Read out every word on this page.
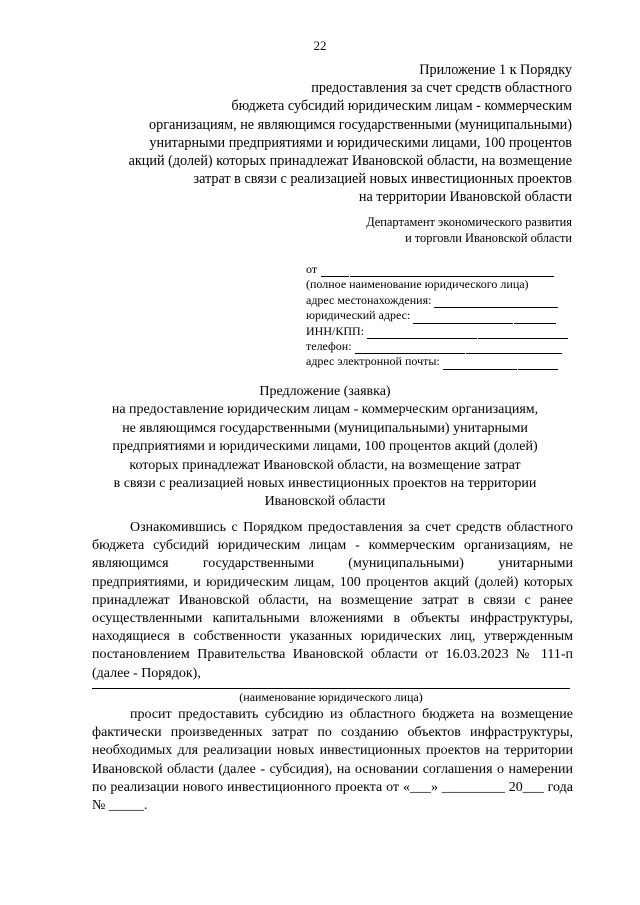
22
Приложение 1 к Порядку
предоставления за счет средств областного
бюджета субсидий юридическим лицам - коммерческим
организациям, не являющимся государственными (муниципальными)
унитарными предприятиями и юридическими лицами, 100 процентов
акций (долей) которых принадлежат Ивановской области, на возмещение
затрат в связи с реализацией новых инвестиционных проектов
на территории Ивановской области
Департамент экономического развития
и торговли Ивановской области
от
(полное наименование юридического лица)
адрес местонахождения:
юридический адрес:
ИНН/КПП:
телефон:
адрес электронной почты:
Предложение (заявка)
на предоставление юридическим лицам - коммерческим организациям,
не являющимся государственными (муниципальными) унитарными
предприятиями и юридическими лицами, 100 процентов акций (долей)
которых принадлежат Ивановской области, на возмещение затрат
в связи с реализацией новых инвестиционных проектов на территории
Ивановской области
Ознакомившись с Порядком предоставления за счет средств областного бюджета субсидий юридическим лицам - коммерческим организациям, не являющимся государственными (муниципальными) унитарными предприятиями, и юридическим лицам, 100 процентов акций (долей) которых принадлежат Ивановской области, на возмещение затрат в связи с ранее осуществленными капитальными вложениями в объекты инфраструктуры, находящиеся в собственности указанных юридических лиц, утвержденным постановлением Правительства Ивановской области от 16.03.2023 № 111-п (далее - Порядок),
(наименование юридического лица)
просит предоставить субсидию из областного бюджета на возмещение фактически произведенных затрат по созданию объектов инфраструктуры, необходимых для реализации новых инвестиционных проектов на территории Ивановской области (далее - субсидия), на основании соглашения о намерении по реализации нового инвестиционного проекта от «___» _________ 20___ года № _____.
